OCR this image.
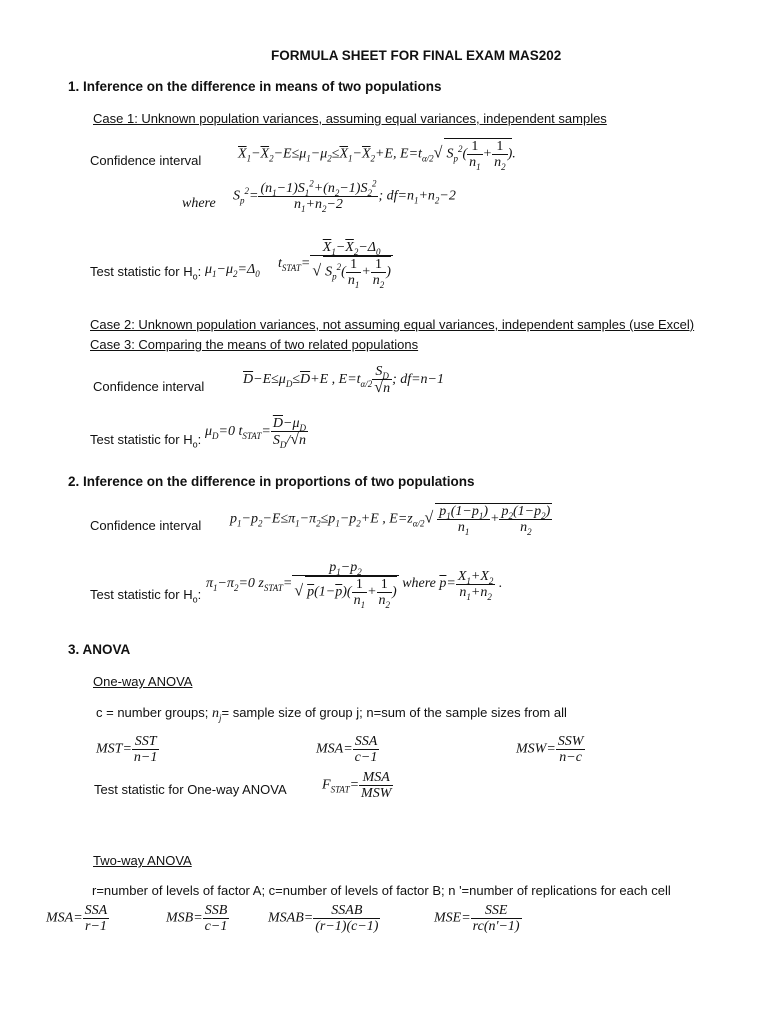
FORMULA SHEET FOR FINAL EXAM MAS202
1. Inference on the difference in means of two populations
Case 1: Unknown population variances, assuming equal variances, independent samples
Confidence interval	$\overline{X}_1-\overline{X}_2-E\le\mu_1-\mu_2\le\overline{X}_1-\overline{X}_2+E$, $E=t_{\alpha/2}√$ $S_p^2( \frac{1}{n_1} + \frac{1}{n_2}$ ).
where $S_p^2= \frac{(n_1-1)S_1^2+(n_2-1)S_2^2}{n_1+n_2-2}$ ; $df=n_1+n_2-2$
Test statistic for $H_o$: $\mu_1-\mu_2=\Delta_0$
$t_{STAT}= \frac{\overline{X}_1-\overline{X}_2-\Delta_0}{√ S_p^2( \frac{1}{n_1} + \frac{1}{n_2} )}$
Case 2: Unknown population variances, not assuming equal variances, independent samples (use Excel)
Case 3: Comparing the means of two related populations
Confidence interval	$\overline{D}-E\le\mu_D\le\overline{D}+E$ , $E=t_{\alpha/2} \frac{S_D}{√n}$ ; df=n−1
Test statistic for $H_o$:
$\mu_D=0$ $t_{STAT}= \frac{\overline{D}-\mu_D}{S_D/√n}$
2. Inference on the difference in proportions of two populations
Confidence interval $p_1-p_2-E\le\pi_1-\pi_2\le p_1-p_2+E$ , $E=z_{\alpha/2}√ \frac{p_1(1-p_1)}{n_1} + \frac{p_2(1-p_2)}{n_2}$
Test statistic for $H_o$:
$\pi_1-\pi_2=0$ $z_{STAT}= \frac{p_1-p_2}{√ p(1-\overline{p})( \frac{1}{n_1} + \frac{1}{n_2} )}$ where $\overline{p}= \frac{X_1+X_2}{n_1+n_2}$ .
3. ANOVA
One-way ANOVA
c = number groups; $n_j=$ sample size of group j; n=sum of the sample sizes from all
$MST= \frac{\text{SST}}{n-1}$	$MSA= \frac{\text{SSA}}{c-1}$	$MSW= \frac{\text{SSW}}{n-c}$
Test statistic for One-way ANOVA	$F_{STAT}= \frac{\text{MSA}}{\text{MSW}}$
Two-way ANOVA
r=number of levels of factor A; c=number of levels of factor B; n '=number of replications for each cell
$MSA= \frac{\text{SSA}}{r-1}$	$MSB= \frac{\text{SSB}}{c-1}$	MSAB= $\frac{\text{SSAB}}{(r-1)(c-1)}$	$MSE= \frac{\text{SSE}}{rc(n'-1)}$
